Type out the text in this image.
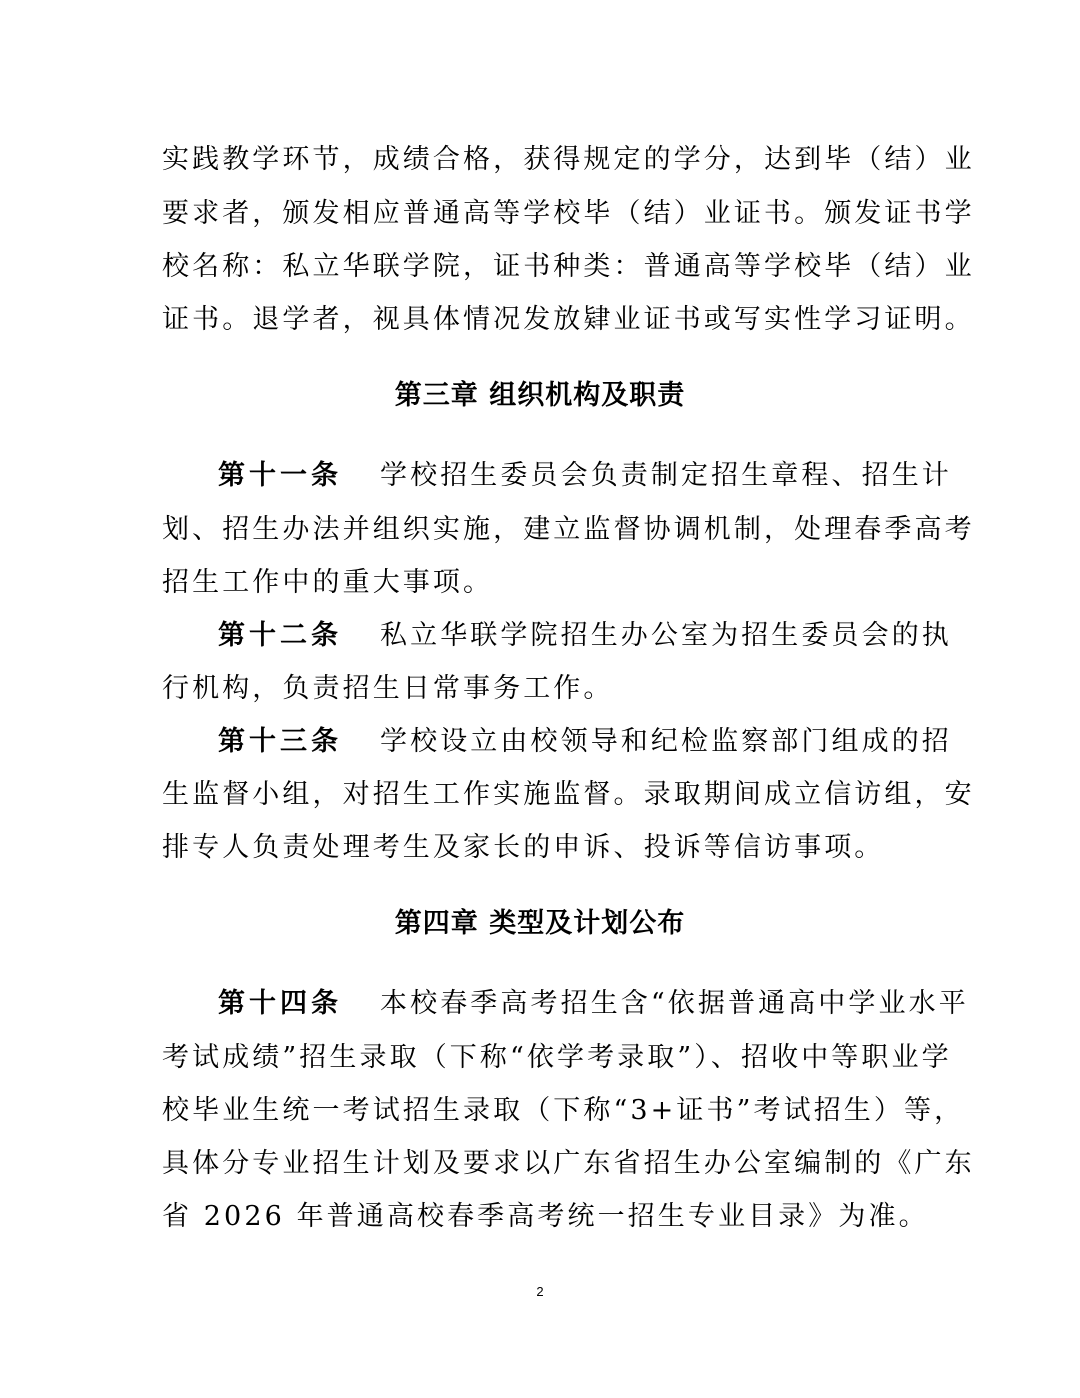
实践教学环节，成绩合格，获得规定的学分，达到毕（结）业
要求者，颁发相应普通高等学校毕（结）业证书。颁发证书学
校名称：私立华联学院，证书种类：普通高等学校毕（结）业
证书。退学者，视具体情况发放肄业证书或写实性学习证明。
第三章 组织机构及职责
第十一条 学校招生委员会负责制定招生章程、招生计
划、招生办法并组织实施，建立监督协调机制，处理春季高考
招生工作中的重大事项。
第十二条 私立华联学院招生办公室为招生委员会的执
行机构，负责招生日常事务工作。
第十三条 学校设立由校领导和纪检监察部门组成的招
生监督小组，对招生工作实施监督。录取期间成立信访组，安
排专人负责处理考生及家长的申诉、投诉等信访事项。
第四章 类型及计划公布
第十四条 本校春季高考招生含“依据普通高中学业水平
考试成绩”招生录取（下称“依学考录取”）、招收中等职业学
校毕业生统一考试招生录取（下称“3+证书”考试招生）等，
具体分专业招生计划及要求以广东省招生办公室编制的《广东
省 2026 年普通高校春季高考统一招生专业目录》为准。
2
